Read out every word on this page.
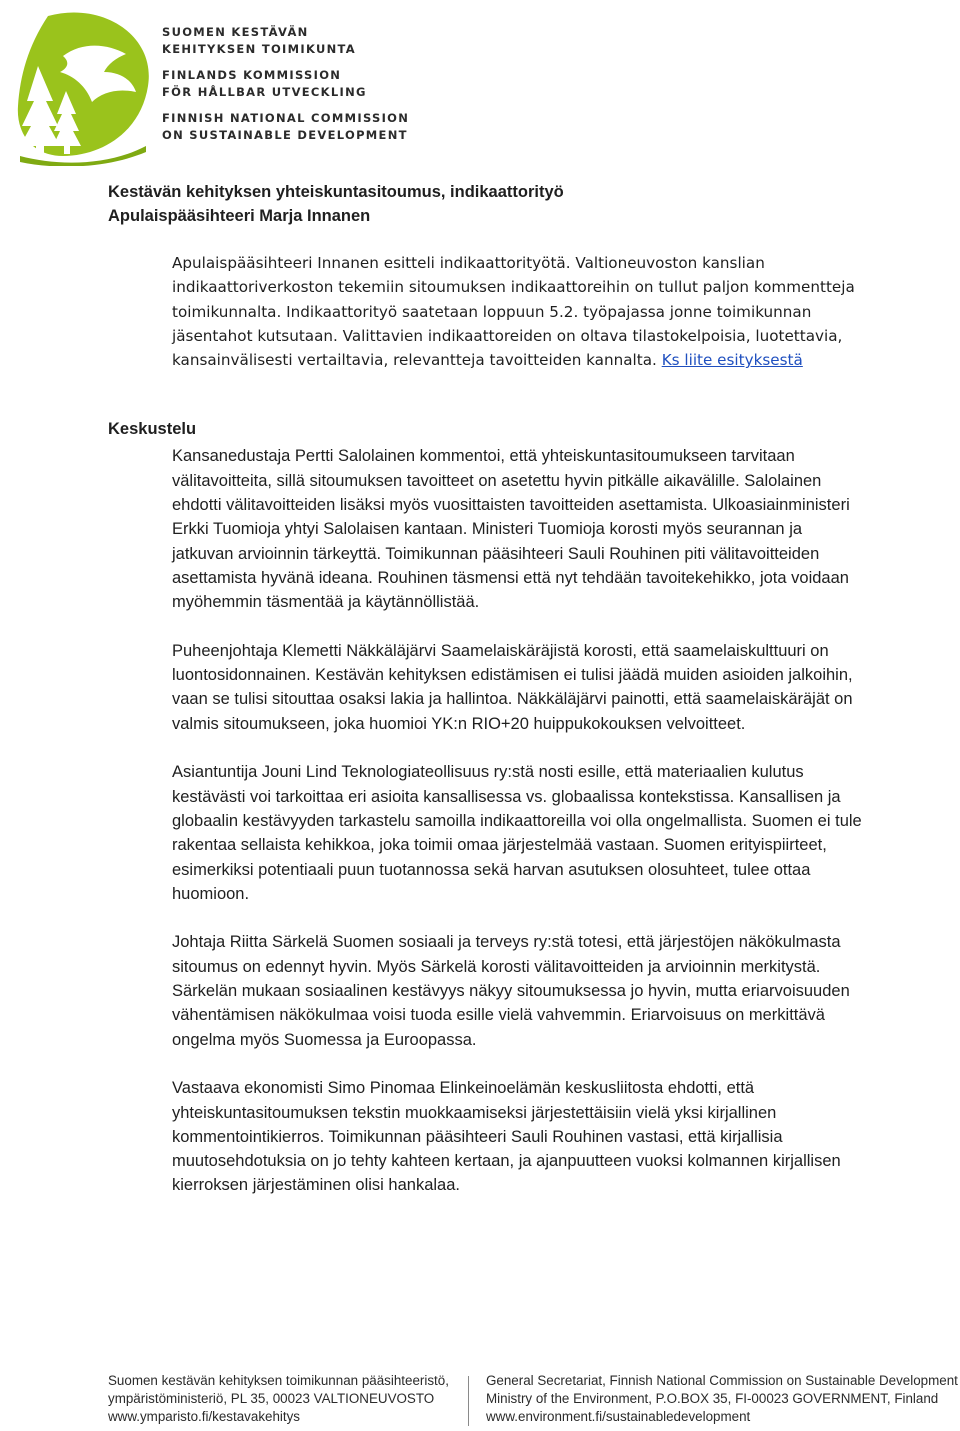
SUOMEN KESTÄVÄN
KEHITYKSEN TOIMIKUNTA
FINLANDS KOMMISSION
FÖR HÅLLBAR UTVECKLING
FINNISH NATIONAL COMMISSION
ON SUSTAINABLE DEVELOPMENT
Kestävän kehityksen yhteiskuntasitoumus, indikaattorityö
Apulaispääsihteeri Marja Innanen
Keskustelu

Apulaispääsihteeri Innanen esitteli indikaattorityötä. Valtioneuvoston kanslian indikaattoriverkoston tekemiin sitoumuksen indikaattoreihin on tullut paljon kommentteja toimikunnalta. Indikaattorityö saatetaan loppuun 5.2. työpajassa jonne toimikunnan jäsentahot kutsutaan. Valittavien indikaattoreiden on oltava tilastokelpoisia, luotettavia, kansainvälisesti vertailtavia, relevantteja tavoitteiden kannalta. Ks liite esityksestä

Kansanedustaja Pertti Salolainen kommentoi, että yhteiskuntasitoumukseen tarvitaan välitavoitteita, sillä sitoumuksen tavoitteet on asetettu hyvin pitkälle aikavälille. Salolainen ehdotti välitavoitteiden lisäksi myös vuosittaisten tavoitteiden asettamista. Ulkoasiainministeri Erkki Tuomioja yhtyi Salolaisen kantaan. Ministeri Tuomioja korosti myös seurannan ja jatkuvan arvioinnin tärkeyttä. Toimikunnan pääsihteeri Sauli Rouhinen piti välitavoitteiden asettamista hyvänä ideana. Rouhinen täsmensi että nyt tehdään tavoitekehikko, jota voidaan myöhemmin täsmentää ja käytännöllistää.

Puheenjohtaja Klemetti Näkkäläjärvi Saamelaiskäräjistä korosti, että saamelaiskulttuuri on luontosidonnainen. Kestävän kehityksen edistämisen ei tulisi jäädä muiden asioiden jalkoihin, vaan se tulisi sitouttaa osaksi lakia ja hallintoa. Näkkäläjärvi painotti, että saamelaiskäräjät on valmis sitoumukseen, joka huomioi YK:n RIO+20 huippukokouksen velvoitteet.

Asiantuntija Jouni Lind Teknologiateollisuus ry:stä nosti esille, että materiaalien kulutus kestävästi voi tarkoittaa eri asioita kansallisessa vs. globaalissa kontekstissa. Kansallisen ja globaalin kestävyyden tarkastelu samoilla indikaattoreilla voi olla ongelmallista. Suomen ei tule rakentaa sellaista kehikkoa, joka toimii omaa järjestelmää vastaan. Suomen erityispiirteet, esimerkiksi potentiaali puun tuotannossa sekä harvan asutuksen olosuhteet, tulee ottaa huomioon.

Johtaja Riitta Särkelä Suomen sosiaali ja terveys ry:stä totesi, että järjestöjen näkökulmasta sitoumus on edennyt hyvin. Myös Särkelä korosti välitavoitteiden ja arvioinnin merkitystä. Särkelän mukaan sosiaalinen kestävyys näkyy sitoumuksessa jo hyvin, mutta eriarvoisuuden vähentämisen näkökulmaa voisi tuoda esille vielä vahvemmin. Eriarvoisuus on merkittävä ongelma myös Suomessa ja Euroopassa.

Vastaava ekonomisti Simo Pinomaa Elinkeinoelämän keskusliitosta ehdotti, että yhteiskuntasitoumuksen tekstin muokkaamiseksi järjestettäisiin vielä yksi kirjallinen kommentointikierros. Toimikunnan pääsihteeri Sauli Rouhinen vastasi, että kirjallisia muutosehdotuksia on jo tehty kahteen kertaan, ja ajanpuutteen vuoksi kolmannen kirjallisen kierroksen järjestäminen olisi hankalaa.

Suomen kestävän kehityksen toimikunnan pääsihteeristö,
ympäristöministeriö, PL 35, 00023 VALTIONEUVOSTO
www.ymparisto.fi/kestavakehitys
General Secretariat, Finnish National Commission on Sustainable Development
Ministry of the Environment, P.O.BOX 35, FI-00023 GOVERNMENT, Finland
www.environment.fi/sustainabledevelopment
